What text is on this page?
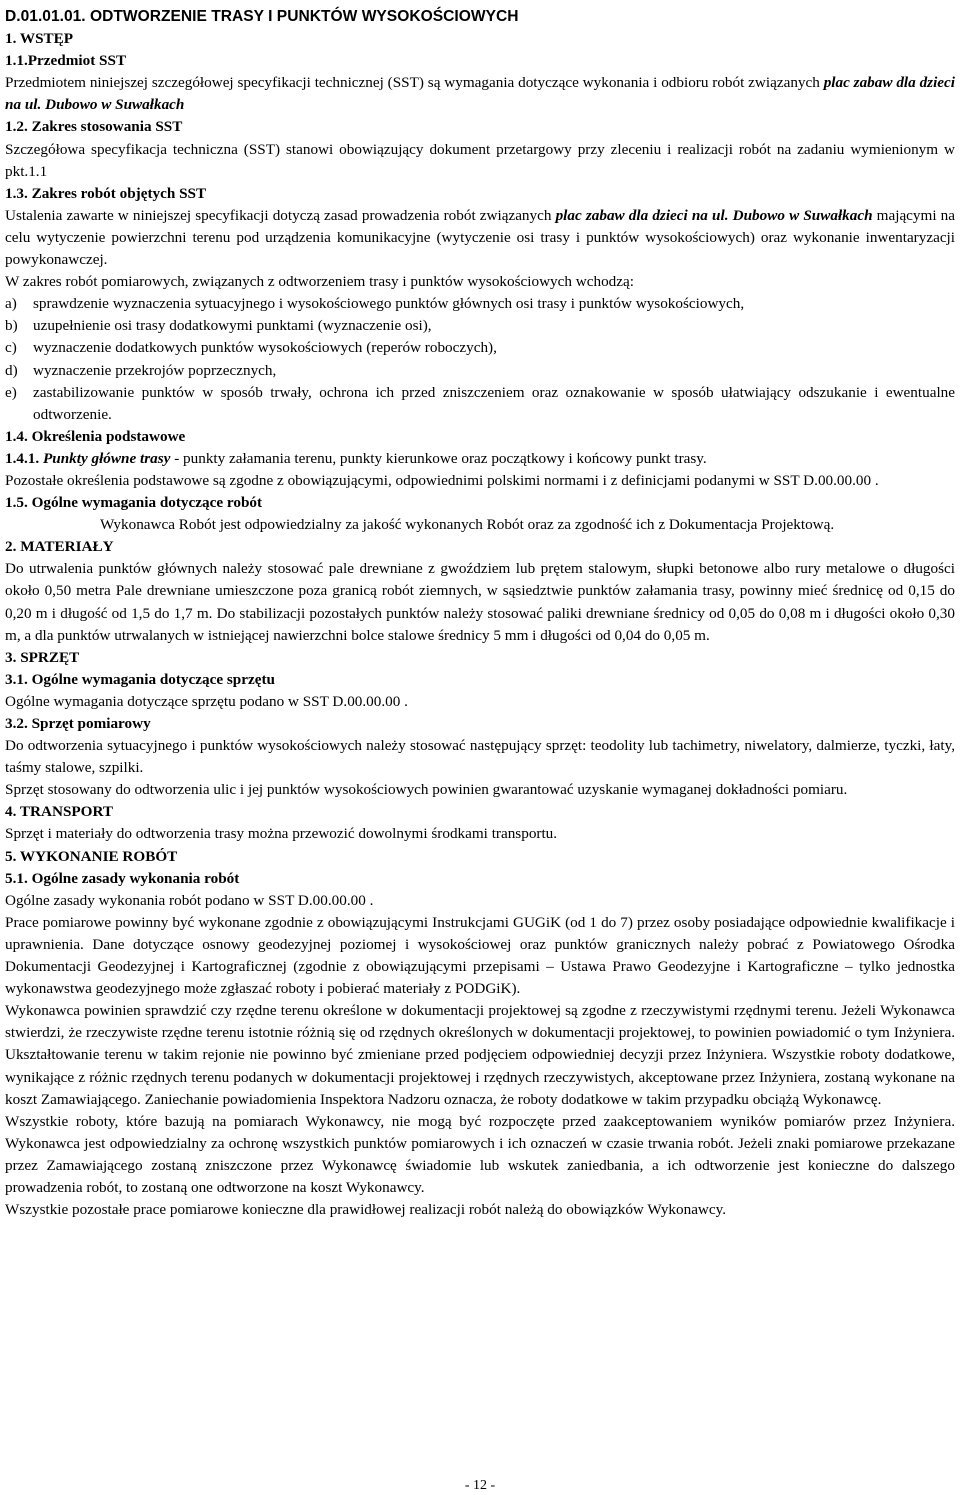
D.01.01.01. ODTWORZENIE TRASY I PUNKTÓW WYSOKOŚCIOWYCH
1. WSTĘP
1.1.Przedmiot SST
Przedmiotem niniejszej szczegółowej specyfikacji technicznej (SST) są wymagania dotyczące wykonania i odbioru robót związanych plac zabaw dla dzieci na ul. Dubowo w Suwałkach
1.2. Zakres stosowania SST
Szczegółowa specyfikacja techniczna (SST) stanowi obowiązujący dokument przetargowy przy zleceniu i realizacji robót na zadaniu wymienionym w pkt.1.1
1.3. Zakres robót objętych SST
Ustalenia zawarte w niniejszej specyfikacji dotyczą zasad prowadzenia robót związanych plac zabaw dla dzieci na ul. Dubowo w Suwałkach mającymi na celu wytyczenie powierzchni terenu pod urządzenia komunikacyjne (wytyczenie osi trasy i punktów wysokościowych) oraz wykonanie inwentaryzacji powykonawczej.
W zakres robót pomiarowych, związanych z odtworzeniem trasy i punktów wysokościowych wchodzą:
a)	sprawdzenie wyznaczenia sytuacyjnego i wysokościowego punktów głównych osi trasy i punktów wysokościowych,
b)	uzupełnienie osi trasy dodatkowymi punktami (wyznaczenie osi),
c)	wyznaczenie dodatkowych punktów wysokościowych (reperów roboczych),
d)	wyznaczenie przekrojów poprzecznych,
e)	zastabilizowanie punktów w sposób trwały, ochrona ich przed zniszczeniem oraz oznakowanie w sposób ułatwiający odszukanie i ewentualne odtworzenie.
1.4. Określenia podstawowe
1.4.1. Punkty główne trasy - punkty załamania terenu, punkty kierunkowe oraz początkowy i końcowy punkt trasy.
Pozostałe określenia podstawowe są zgodne z obowiązującymi, odpowiednimi polskimi normami i z definicjami podanymi w SST D.00.00.00 .
1.5. Ogólne wymagania dotyczące robót
Wykonawca Robót jest odpowiedzialny za jakość wykonanych Robót oraz za zgodność ich z Dokumentacja Projektową.
2. MATERIAŁY
Do utrwalenia punktów głównych należy stosować pale drewniane z gwoździem lub prętem stalowym, słupki betonowe albo rury metalowe o długości około 0,50 metra Pale drewniane umieszczone poza granicą robót ziemnych, w sąsiedztwie punktów załamania trasy, powinny mieć średnicę od 0,15 do 0,20 m i długość od 1,5 do 1,7 m. Do stabilizacji pozostałych punktów należy stosować paliki drewniane średnicy od 0,05 do 0,08 m i długości około 0,30 m, a dla punktów utrwalanych w istniejącej nawierzchni bolce stalowe średnicy 5 mm i długości od 0,04 do 0,05 m.
3. SPRZĘT
3.1. Ogólne wymagania dotyczące sprzętu
Ogólne wymagania dotyczące sprzętu podano w SST D.00.00.00 .
3.2. Sprzęt pomiarowy
Do odtworzenia sytuacyjnego i punktów wysokościowych należy stosować następujący sprzęt: teodolity lub tachimetry, niwelatory, dalmierze, tyczki, łaty, taśmy stalowe, szpilki.
Sprzęt stosowany do odtworzenia ulic i jej punktów wysokościowych powinien gwarantować uzyskanie wymaganej dokładności pomiaru.
4. TRANSPORT
Sprzęt i materiały do odtworzenia trasy można przewozić dowolnymi środkami transportu.
5. WYKONANIE ROBÓT
5.1. Ogólne zasady wykonania robót
Ogólne zasady wykonania robót podano w SST D.00.00.00 .
Prace pomiarowe powinny być wykonane zgodnie z obowiązującymi Instrukcjami GUGiK (od 1 do 7) przez osoby posiadające odpowiednie kwalifikacje i uprawnienia. Dane dotyczące osnowy geodezyjnej poziomej i wysokościowej oraz punktów granicznych należy pobrać z Powiatowego Ośrodka Dokumentacji Geodezyjnej i Kartograficznej (zgodnie z obowiązującymi przepisami – Ustawa Prawo Geodezyjne i Kartograficzne – tylko jednostka wykonawstwa geodezyjnego może zgłaszać roboty i pobierać materiały z PODGiK).
Wykonawca powinien sprawdzić czy rzędne terenu określone w dokumentacji projektowej są zgodne z rzeczywistymi rzędnymi terenu. Jeżeli Wykonawca stwierdzi, że rzeczywiste rzędne terenu istotnie różnią się od rzędnych określonych w dokumentacji projektowej, to powinien powiadomić o tym Inżyniera. Ukształtowanie terenu w takim rejonie nie powinno być zmieniane przed podjęciem odpowiedniej decyzji przez Inżyniera. Wszystkie roboty dodatkowe, wynikające z różnic rzędnych terenu podanych w dokumentacji projektowej i rzędnych rzeczywistych, akceptowane przez Inżyniera, zostaną wykonane na koszt Zamawiającego. Zaniechanie powiadomienia Inspektora Nadzoru oznacza, że roboty dodatkowe w takim przypadku obciążą Wykonawcę.
Wszystkie roboty, które bazują na pomiarach Wykonawcy, nie mogą być rozpoczęte przed zaakceptowaniem wyników pomiarów przez Inżyniera. Wykonawca jest odpowiedzialny za ochronę wszystkich punktów pomiarowych i ich oznaczeń w czasie trwania robót. Jeżeli znaki pomiarowe przekazane przez Zamawiającego zostaną zniszczone przez Wykonawcę świadomie lub wskutek zaniedbania, a ich odtworzenie jest konieczne do dalszego prowadzenia robót, to zostaną one odtworzone na koszt Wykonawcy.
Wszystkie pozostałe prace pomiarowe konieczne dla prawidłowej realizacji robót należą do obowiązków Wykonawcy.
- 12 -
